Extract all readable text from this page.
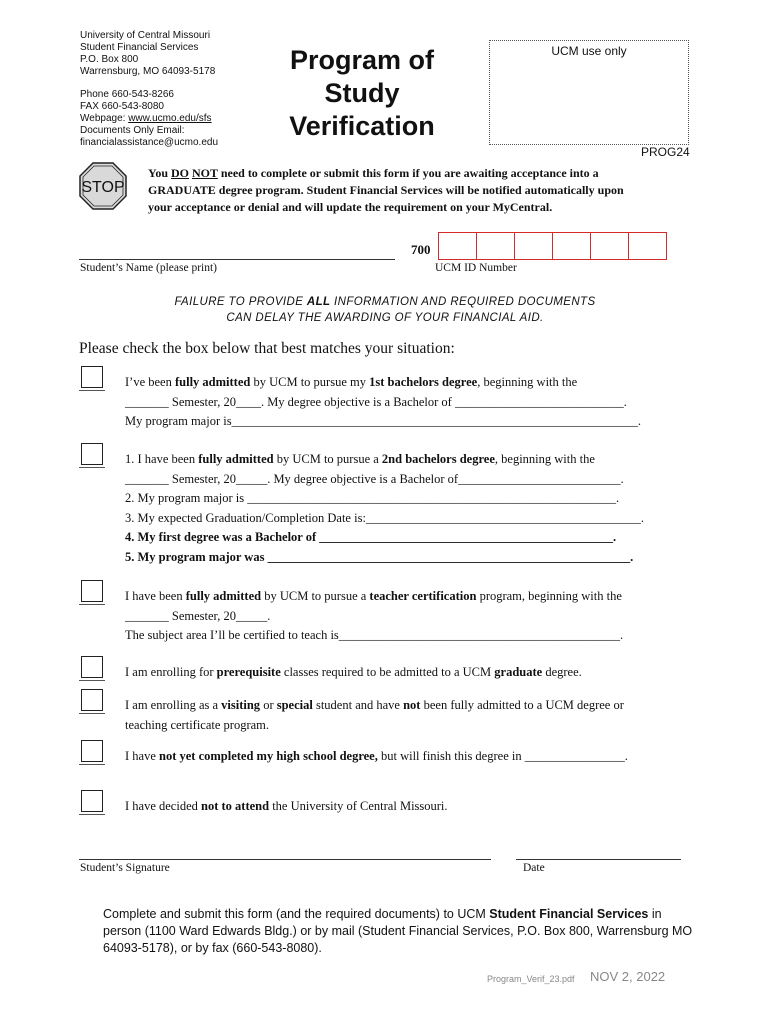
University of Central Missouri
Student Financial Services
P.O. Box 800
Warrensburg, MO 64093-5178
Phone 660-543-8266
FAX 660-543-8080
Webpage: www.ucmo.edu/sfs
Documents Only Email:
financialassistance@ucmo.edu
Program of
Study
Verification
UCM use only
PROG24
STOP
You DO NOT need to complete or submit this form if you are awaiting acceptance into a GRADUATE degree program. Student Financial Services will be notified automatically upon your acceptance or denial and will update the requirement on your MyCentral.
Student’s Name (please print)
700
UCM ID Number
FAILURE TO PROVIDE ALL INFORMATION AND REQUIRED DOCUMENTS
CAN DELAY THE AWARDING OF YOUR FINANCIAL AID.
Please check the box below that best matches your situation:
I’ve been fully admitted by UCM to pursue my 1st bachelors degree, beginning with the
_______ Semester, 20____. My degree objective is a Bachelor of ___________________________.
My program major is_________________________________________________________________.
1. I have been fully admitted by UCM to pursue a 2nd bachelors degree, beginning with the
_______ Semester, 20_____. My degree objective is a Bachelor of__________________________.
2. My program major is ___________________________________________________________.
3. My expected Graduation/Completion Date is:____________________________________________.
4. My first degree was a Bachelor of _______________________________________________.
5. My program major was __________________________________________________________.
I have been fully admitted by UCM to pursue a teacher certification program, beginning with the
_______ Semester, 20_____.
The subject area I’ll be certified to teach is_____________________________________________.
I am enrolling for prerequisite classes required to be admitted to a UCM graduate degree.
I am enrolling as a visiting or special student and have not been fully admitted to a UCM degree or
teaching certificate program.
I have not yet completed my high school degree, but will finish this degree in ________________.
I have decided not to attend the University of Central Missouri.
Student’s Signature	Date
Complete and submit this form (and the required documents) to UCM Student Financial Services in person (1100 Ward Edwards Bldg.) or by mail (Student Financial Services, P.O. Box 800, Warrensburg MO 64093-5178), or by fax (660-543-8080).
Program_Verif_23.pdf NOV 2, 2022
